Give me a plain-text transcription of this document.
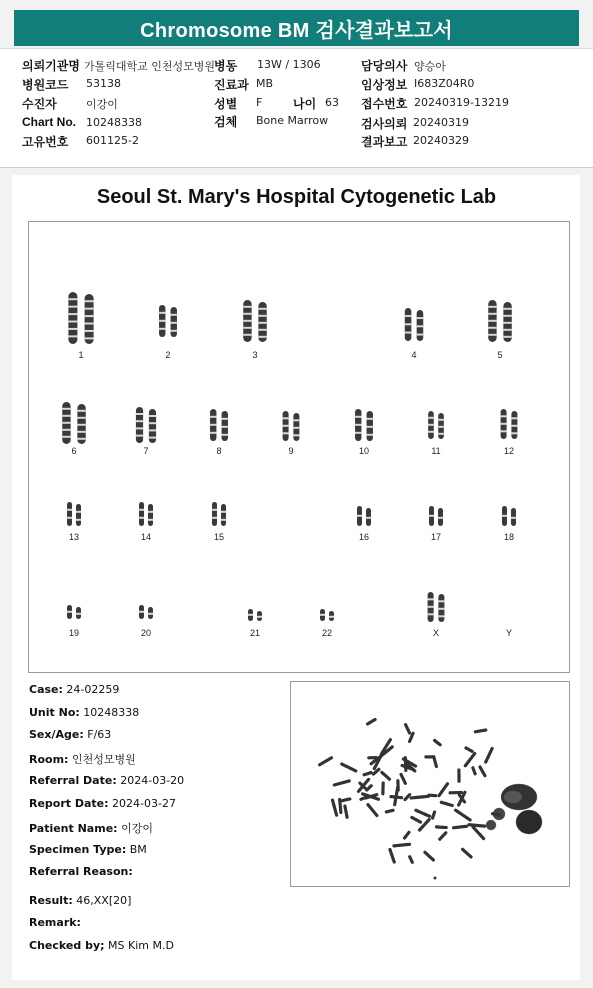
Chromosome BM 검사결과보고서
의뢰기관명 가톨릭대학교 인천성모병원
병동 13W / 1306	담당의사 양승아
병원코드 53138	진료과 MB	임상정보 I683Z04R0
수진자	이강이	성별 F	나이 63 접수번호 20240319-13219
Chart No. 10248338	검체 Bone Marrow	검사의뢰 20240319
고유번호 601125-2	결과보고 20240329
Seoul St. Mary's Hospital Cytogenetic Lab
1	2	3	4	5
6	7	8	9	10	11	12
13	14	15	16	17	18
19	20	21	22	X	Y
Case: 24-02259
Unit No: 10248338
Sex/Age: F/63
Room: 인천성모병원
Referral Date: 2024-03-20
Report Date: 2024-03-27
Patient Name: 이강이
Specimen Type: BM
Referral Reason:
Result: 46,XX[20]
Remark:
Checked by; MS Kim M.D
